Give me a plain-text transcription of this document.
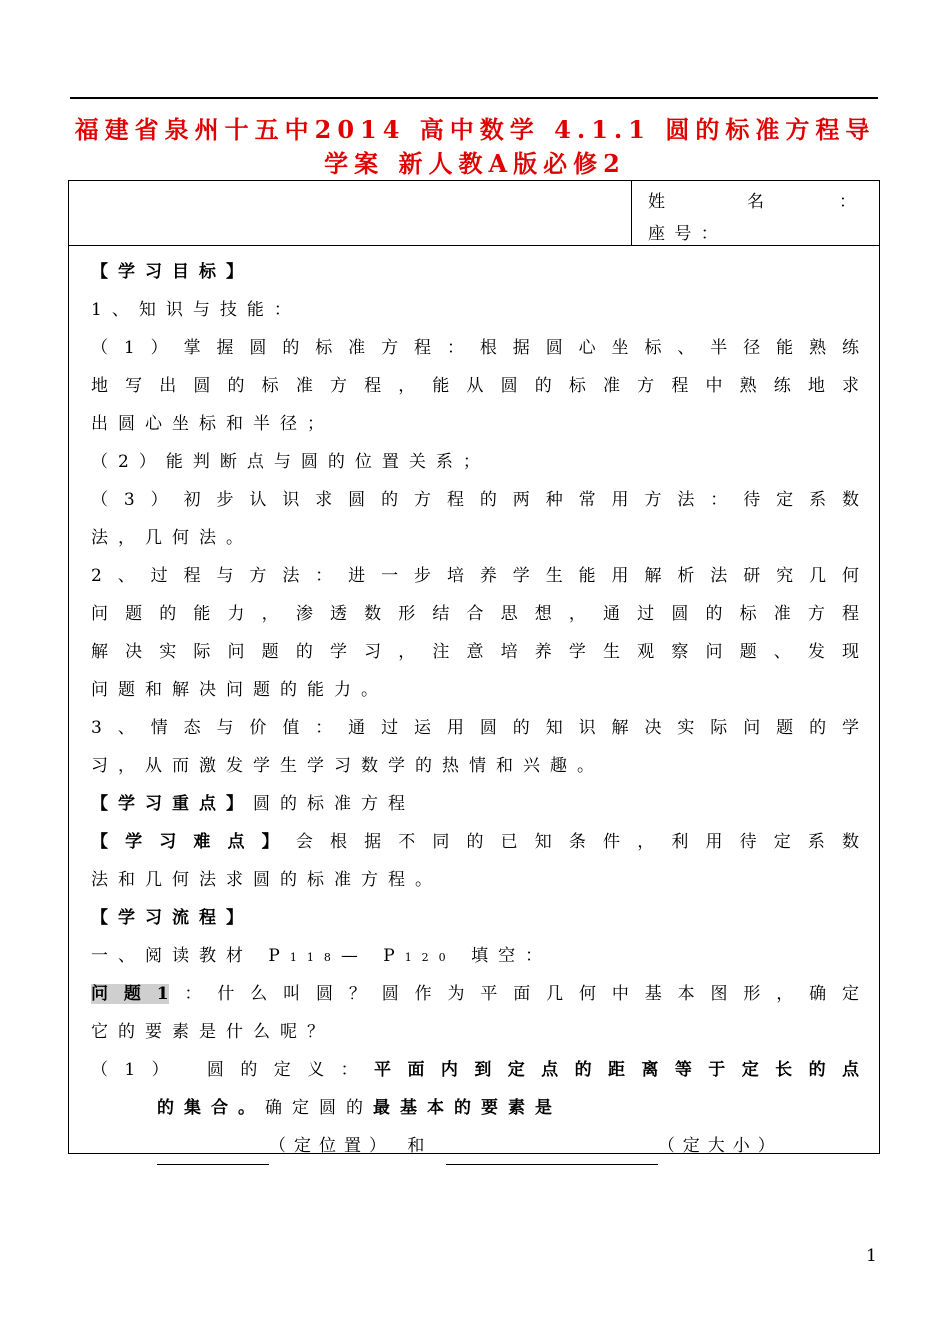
福建省泉州十五中2014 高中数学 4.1.1 圆的标准方程导
学案 新人教A版必修2
姓	名	：
座 号 ：
【学习目标】
1、知识与技能：
（1）掌握圆的标准方程：根据圆心坐标、半径能熟练
地写出圆的标准方程，能从圆的标准方程中熟练地求
出圆心坐标和半径；
（2）能判断点与圆的位置关系；
（3）初步认识求圆的方程的两种常用方法：待定系数
法，几何法。
2、过程与方法：进一步培养学生能用解析法研究几何
问题的能力，渗透数形结合思想，通过圆的标准方程
解决实际问题的学习，注意培养学生观察问题、发现
问题和解决问题的能力。
3、情态与价值：通过运用圆的知识解决实际问题的学
习，从而激发学生学习数学的热情和兴趣。
【学习重点】圆的标准方程
【学习难点】会根据不同的已知条件，利用待定系数
法和几何法求圆的标准方程。
【学习流程】
一、阅读教材 P118— P120 填空：
问题1：什么叫圆？圆作为平面几何中基本图形，确定
它的要素是什么呢？
（1） 圆的定义：平面内到定点的距离等于定长的点
的集合。确定圆的最基本的要素是
（定位置） 和	（定大小）
1
